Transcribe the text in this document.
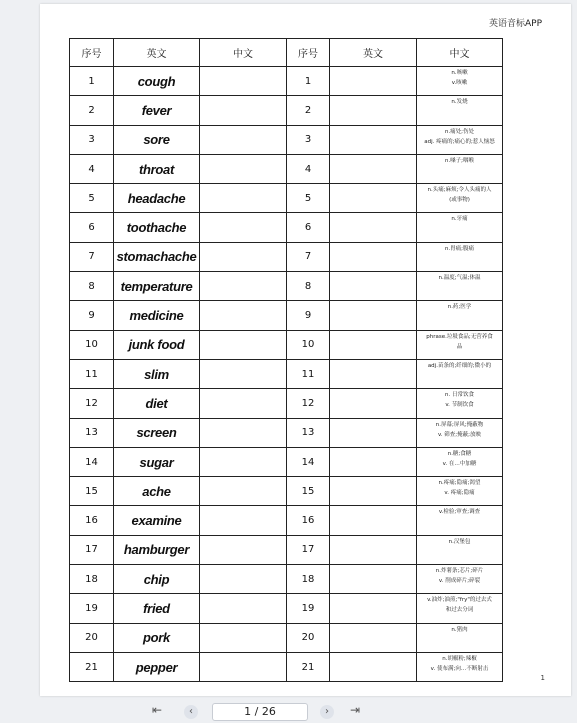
英语音标APP
序号	英文	中文	序号	英文	中文
1	cough		1		n.咳嗽
v.咳嗽

2	fever		2		n.发烧

3	sore		3		n.痛处;伤处
adj. 疼痛的;痛心的;惹人恼怒

4	throat		4		n.嗓子;咽喉

5	headache		5		n.头痛;麻烦;令人头痛的人
(或事物)

6	toothache		6		n.牙痛

7	stomachache		7		n.胃痛;腹痛

8	temperature		8		n.温度;气温;体温

9	medicine		9		n.药;医学

10	junk food		10		phrase.垃圾食品;无营养食
品

11	slim		11		adj.苗条的;纤细的;微小的

12	diet		12		n. 日常饮食
v. 节制饮食

13	screen		13		n.屏幕;屏风;掩蔽物
v. 筛查;掩蔽;放映

14	sugar		14		n.糖;食糖
v. 在…中加糖

15	ache		15		n.疼痛;隐痛;渴望
v. 疼痛;隐痛

16	examine		16		v.检验;审查;调查

17	hamburger		17		n.汉堡包

18	chip		18		n.炸薯条;芯片;碎片
v. 削成碎片;碎裂

19	fried		19		v.油炸;油煎;"fry"的过去式
和过去分词

20	pork		20		n.猪肉

21	pepper		21		n.胡椒粉;辣椒
v. 使布满;向…不断射击
1
⇤	‹	1 / 26	›	⇥
